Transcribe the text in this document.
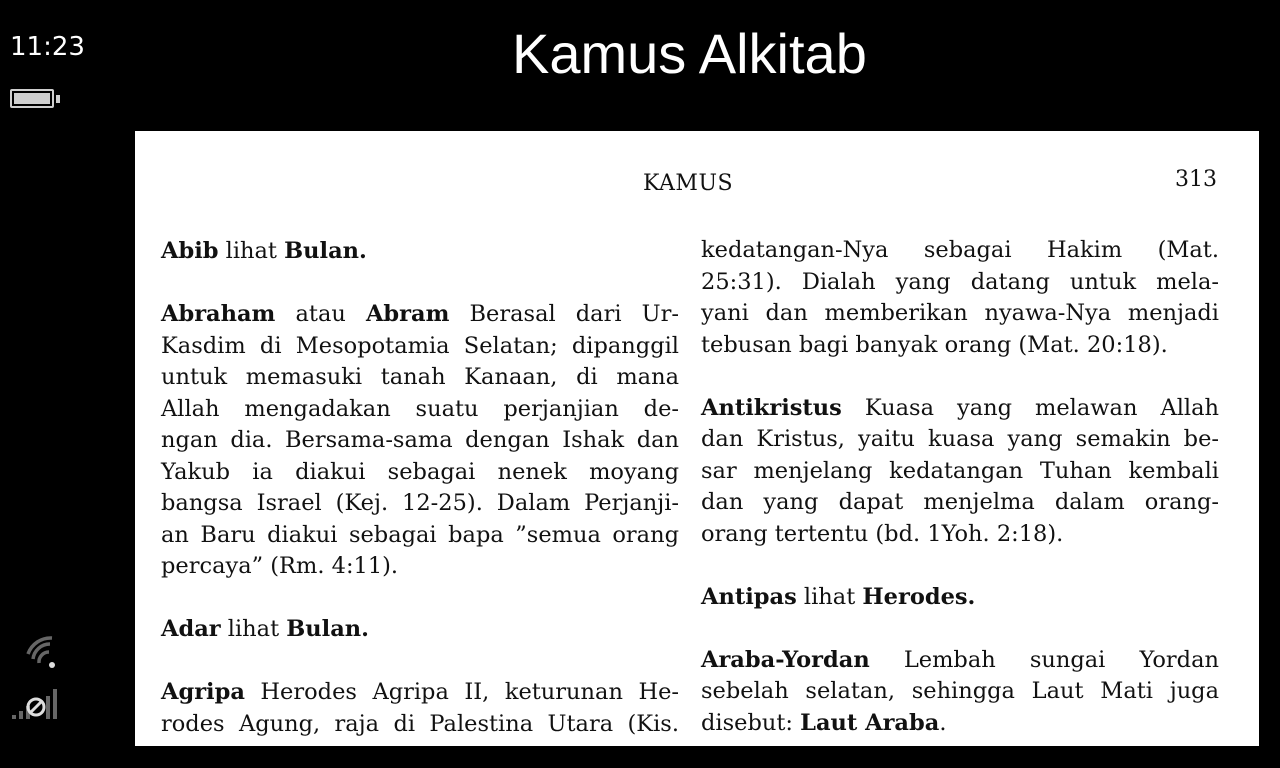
11:23	Kamus Alkitab
KAMUS	313
Abib lihat Bulan.
Abraham atau Abram Berasal dari Ur-
Kasdim di Mesopotamia Selatan; dipanggil
untuk memasuki tanah Kanaan, di mana
Allah mengadakan suatu perjanjian de-
ngan dia. Bersama-sama dengan Ishak dan
Yakub ia diakui sebagai nenek moyang
bangsa Israel (Kej. 12-25). Dalam Perjanji-
an Baru diakui sebagai bapa ”semua orang
percaya” (Rm. 4:11).
Adar lihat Bulan.
Agripa Herodes Agripa II, keturunan He-
rodes Agung, raja di Palestina Utara (Kis.
kedatangan-Nya sebagai Hakim (Mat.
25:31). Dialah yang datang untuk mela-
yani dan memberikan nyawa-Nya menjadi
tebusan bagi banyak orang (Mat. 20:18).
Antikristus Kuasa yang melawan Allah
dan Kristus, yaitu kuasa yang semakin be-
sar menjelang kedatangan Tuhan kembali
dan yang dapat menjelma dalam orang-
orang tertentu (bd. 1Yoh. 2:18).
Antipas lihat Herodes.
Araba-Yordan Lembah sungai Yordan
sebelah selatan, sehingga Laut Mati juga
disebut: Laut Araba.
